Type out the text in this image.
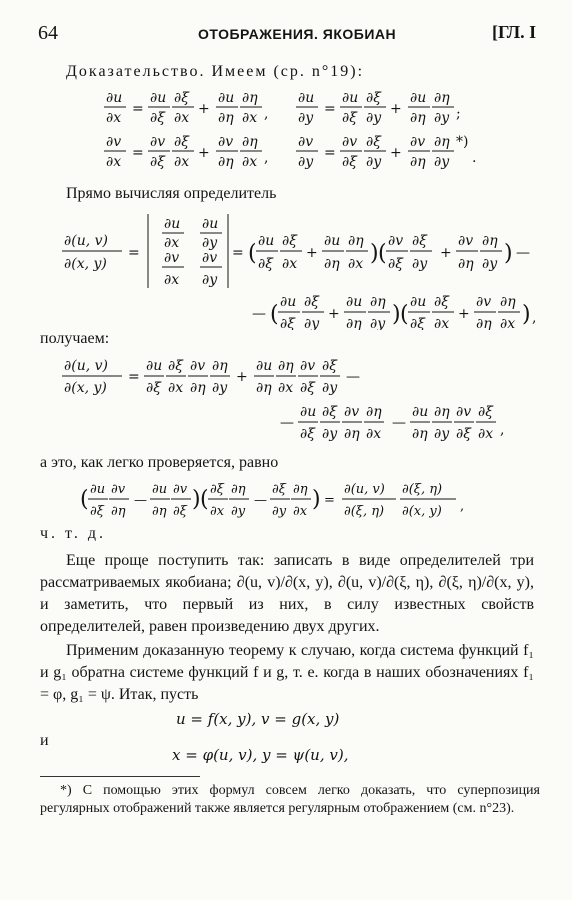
64	ОТОБРАЖЕНИЯ. ЯКОБИАН	[ГЛ. I
Доказательство. Имеем (ср. n°19):
∂u
∂x
=
∂u
∂ξ
∂ξ
∂x
+
∂u
∂η
∂η
∂x ,
∂u
∂y
=
∂u
∂ξ
∂ξ
∂y
+
∂u
∂η
∂η
∂y ;
∂v
∂x
=
∂v
∂ξ
∂ξ
∂x
+
∂v
∂η
∂η
∂x ,
∂v
∂y
=
∂v
∂ξ
∂ξ
∂y
+
∂v
∂η
∂η
∂y
*)
.
Прямо вычисляя определитель
∂(u, v)
∂(x, y)
=
∂u
∂x
∂u
∂y
∂v
∂x
∂v
∂y
= ( ∂u
∂ξ
∂ξ
∂x
+
∂u
∂η
∂η
∂x ) ( ∂v
∂ξ
∂ξ
∂y
+
∂v
∂η
∂η
∂y ) —
— ( ∂u
∂ξ
∂ξ
∂y
+
∂u
∂η
∂η
∂y ) ( ∂u
∂ξ
∂ξ
∂x
+
∂v
∂η
∂η
∂x ) ,
получаем:
∂(u, v)
∂(x, y)
=
∂u
∂ξ
∂ξ
∂x
∂v
∂η
∂η
∂y
+
∂u
∂η
∂η
∂x
∂v
∂ξ
∂ξ
∂y
—
—
∂u
∂ξ
∂ξ
∂y
∂v
∂η
∂η
∂x
—
∂u
∂η
∂η
∂y
∂v
∂ξ
∂ξ
∂x ,
а это, как легко проверяется, равно
( ∂u
∂ξ
∂v
∂η
—
∂u
∂η
∂v
∂ξ ) ( ∂ξ
∂x
∂η
∂y
—
∂ξ
∂y
∂η
∂x ) =
∂(u, v)
∂(ξ, η)
∂(ξ, η)
∂(x, y) ,
ч. т. д.
Еще проще поступить так: записать в виде определителей три рассматриваемых якобиана; ∂(u, v)/∂(x, y), ∂(u, v)/∂(ξ, η), ∂(ξ, η)/∂(x, y), и заметить, что первый из них, в силу известных свойств определителей, равен произведению двух других.
Применим доказанную теорему к случаю, когда система функций f₁ и g₁ обратна системе функций f и g, т. е. когда в наших обозначениях f₁ = φ, g₁ = ψ. Итак, пусть
u = f(x, y), v = g(x, y)
и
x = φ(u, v), y = ψ(u, v),
*) С помощью этих формул совсем легко доказать, что суперпозиция регулярных отображений также является регулярным отображением (см. n°23).
